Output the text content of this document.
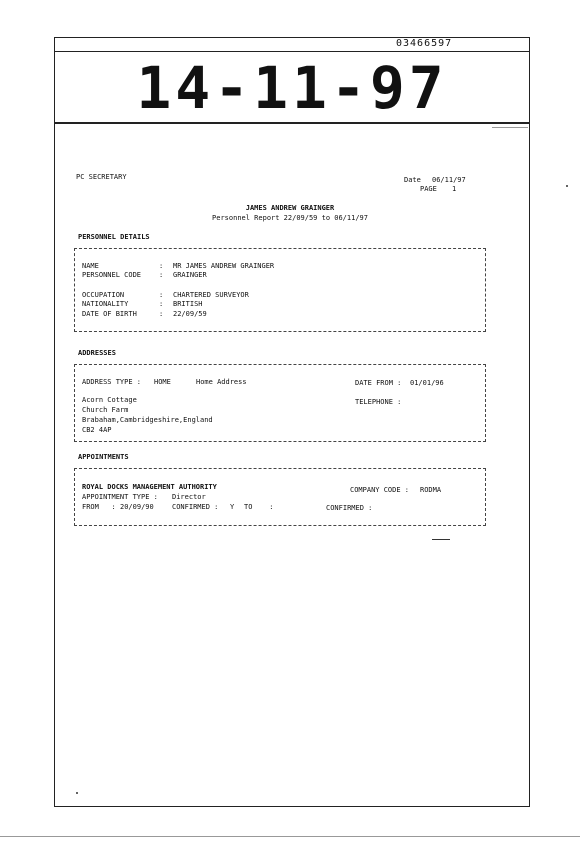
03466597
14-11-97
PC SECRETARY	Date 06/11/97
PAGE 1
JAMES ANDREW GRAINGER
Personnel Report 22/09/59 to 06/11/97
PERSONNEL DETAILS
NAME	: MR JAMES ANDREW GRAINGER
PERSONNEL CODE	: GRAINGER
OCCUPATION	: CHARTERED SURVEYOR
NATIONALITY	: BRITISH
DATE OF BIRTH	: 22/09/59
ADDRESSES
ADDRESS TYPE : HOME	Home Address	DATE FROM : 01/01/96
TELEPHONE :
Acorn Cottage
Church Farm
Brabaham,Cambridgeshire,England
CB2 4AP
APPOINTMENTS
ROYAL DOCKS MANAGEMENT AUTHORITY	COMPANY CODE : RODMA
APPOINTMENT TYPE : Director
FROM   : 20/09/90	CONFIRMED : Y TO    :	CONFIRMED :
